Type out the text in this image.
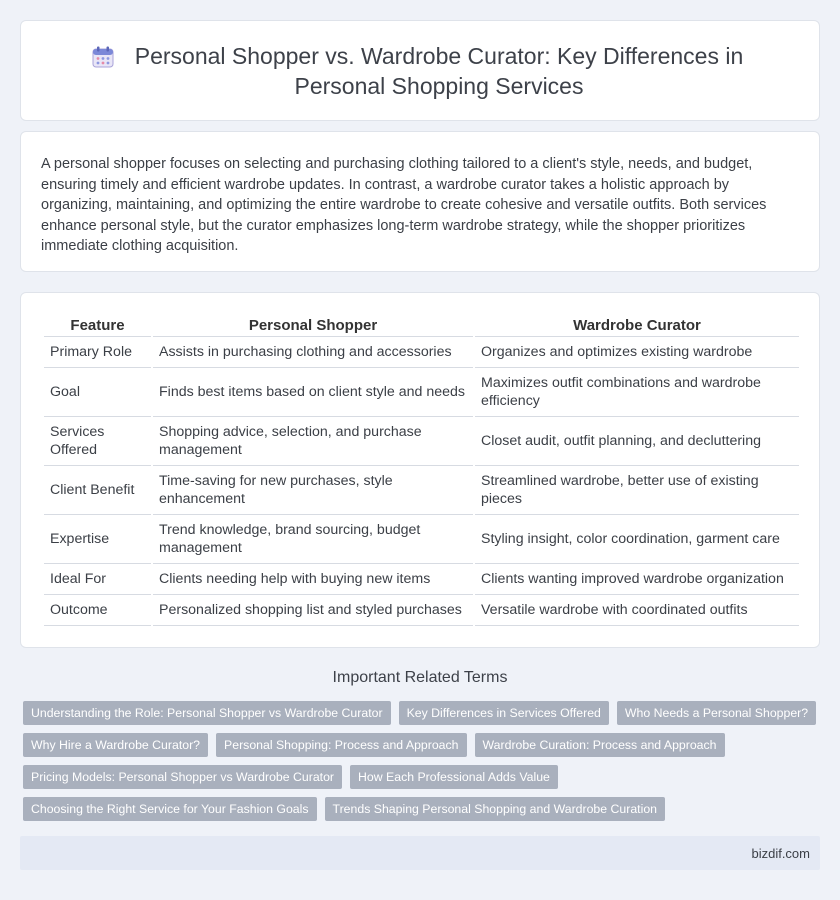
Personal Shopper vs. Wardrobe Curator: Key Differences in Personal Shopping Services

A personal shopper focuses on selecting and purchasing clothing tailored to a client's style, needs, and budget, ensuring timely and efficient wardrobe updates. In contrast, a wardrobe curator takes a holistic approach by organizing, maintaining, and optimizing the entire wardrobe to create cohesive and versatile outfits. Both services enhance personal style, but the curator emphasizes long-term wardrobe strategy, while the shopper prioritizes immediate clothing acquisition.

Feature	Personal Shopper	Wardrobe Curator
Primary Role	Assists in purchasing clothing and accessories	Organizes and optimizes existing wardrobe
Goal	Finds best items based on client style and needs	Maximizes outfit combinations and wardrobe efficiency
Services Offered	Shopping advice, selection, and purchase management	Closet audit, outfit planning, and decluttering
Client Benefit	Time-saving for new purchases, style enhancement	Streamlined wardrobe, better use of existing pieces
Expertise	Trend knowledge, brand sourcing, budget management	Styling insight, color coordination, garment care
Ideal For	Clients needing help with buying new items	Clients wanting improved wardrobe organization
Outcome	Personalized shopping list and styled purchases	Versatile wardrobe with coordinated outfits
Important Related Terms
Understanding the Role: Personal Shopper vs Wardrobe Curator	Key Differences in Services Offered	Who Needs a Personal Shopper?
Why Hire a Wardrobe Curator?	Personal Shopping: Process and Approach	Wardrobe Curation: Process and Approach
Pricing Models: Personal Shopper vs Wardrobe Curator	How Each Professional Adds Value
Choosing the Right Service for Your Fashion Goals	Trends Shaping Personal Shopping and Wardrobe Curation
bizdif.com
